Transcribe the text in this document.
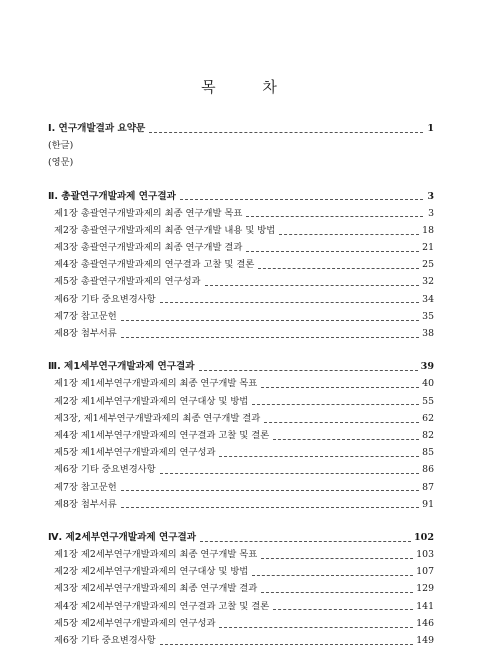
목 차
Ⅰ. 연구개발결과 요약문	1
(한글)
(영문)
Ⅱ. 총괄연구개발과제 연구결과	3
제1장 총괄연구개발과제의 최종 연구개발 목표	3
제2장 총괄연구개발과제의 최종 연구개발 내용 및 방법	18
제3장 총괄연구개발과제의 최종 연구개발 결과	21
제4장 총괄연구개발과제의 연구결과 고찰 및 결론	25
제5장 총괄연구개발과제의 연구성과	32
제6장 기타 중요변경사항	34
제7장 참고문헌	35
제8장 첨부서류	38
Ⅲ. 제1세부연구개발과제 연구결과	39
제1장 제1세부연구개발과제의 최종 연구개발 목표	40
제2장 제1세부연구개발과제의 연구대상 및 방법	55
제3장, 제1세부연구개발과제의 최종 연구개발 결과	62
제4장 제1세부연구개발과제의 연구결과 고찰 및 결론	82
제5장 제1세부연구개발과제의 연구성과	85
제6장 기타 중요변경사항	86
제7장 참고문헌	87
제8장 첨부서류	91
Ⅳ. 제2세부연구개발과제 연구결과	102
제1장 제2세부연구개발과제의 최종 연구개발 목표	103
제2장 제2세부연구개발과제의 연구대상 및 방법	107
제3장 제2세부연구개발과제의 최종 연구개발 결과	129
제4장 제2세부연구개발과제의 연구결과 고찰 및 결론	141
제5장 제2세부연구개발과제의 연구성과	146
제6장 기타 중요변경사항	149
